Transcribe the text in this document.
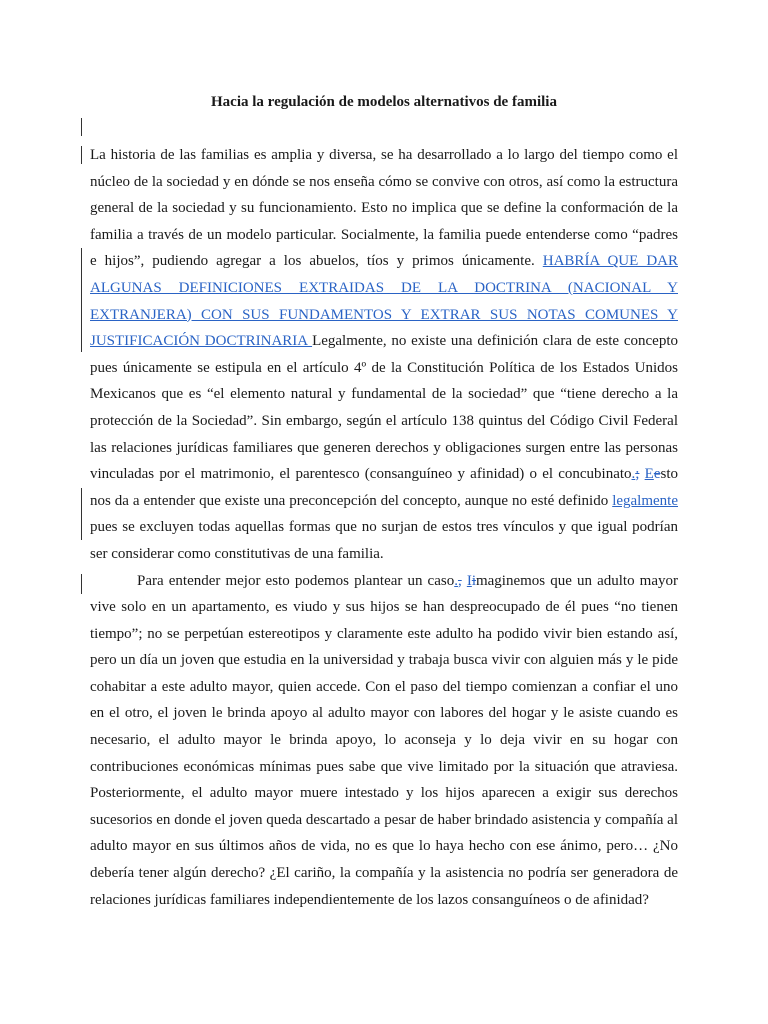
Hacia la regulación de modelos alternativos de familia

La historia de las familias es amplia y diversa, se ha desarrollado a lo largo del tiempo como el núcleo de la sociedad y en dónde se nos enseña cómo se convive con otros, así como la estructura general de la sociedad y su funcionamiento. Esto no implica que se define la conformación de la familia a través de un modelo particular. Socialmente, la familia puede entenderse como “padres e hijos”, pudiendo agregar a los abuelos, tíos y primos únicamente. HABRÍA QUE DAR ALGUNAS DEFINICIONES EXTRAIDAS DE LA DOCTRINA (NACIONAL Y EXTRANJERA) CON SUS FUNDAMENTOS Y EXTRAR SUS NOTAS COMUNES Y JUSTIFICACIÓN DOCTRINARIA Legalmente, no existe una definición clara de este concepto pues únicamente se estipula en el artículo 4º de la Constitución Política de los Estados Unidos Mexicanos que es “el elemento natural y fundamental de la sociedad” que “tiene derecho a la protección de la Sociedad”. Sin embargo, según el artículo 138 quintus del Código Civil Federal las relaciones jurídicas familiares que generen derechos y obligaciones surgen entre las personas vinculadas por el matrimonio, el parentesco (consanguíneo y afinidad) o el concubinato.; Eesto nos da a entender que existe una preconcepción del concepto, aunque no esté definido legalmente pues se excluyen todas aquellas formas que no surjan de estos tres vínculos y que igual podrían ser considerar como constitutivas de una familia.

Para entender mejor esto podemos plantear un caso., Iimaginemos que un adulto mayor vive solo en un apartamento, es viudo y sus hijos se han despreocupado de él pues “no tienen tiempo”; no se perpetúan estereotipos y claramente este adulto ha podido vivir bien estando así, pero un día un joven que estudia en la universidad y trabaja busca vivir con alguien más y le pide cohabitar a este adulto mayor, quien accede. Con el paso del tiempo comienzan a confiar el uno en el otro, el joven le brinda apoyo al adulto mayor con labores del hogar y le asiste cuando es necesario, el adulto mayor le brinda apoyo, lo aconseja y lo deja vivir en su hogar con contribuciones económicas mínimas pues sabe que vive limitado por la situación que atraviesa. Posteriormente, el adulto mayor muere intestado y los hijos aparecen a exigir sus derechos sucesorios en donde el joven queda descartado a pesar de haber brindado asistencia y compañía al adulto mayor en sus últimos años de vida, no es que lo haya hecho con ese ánimo, pero… ¿No debería tener algún derecho? ¿El cariño, la compañía y la asistencia no podría ser generadora de relaciones jurídicas familiares independientemente de los lazos consanguíneos o de afinidad?
